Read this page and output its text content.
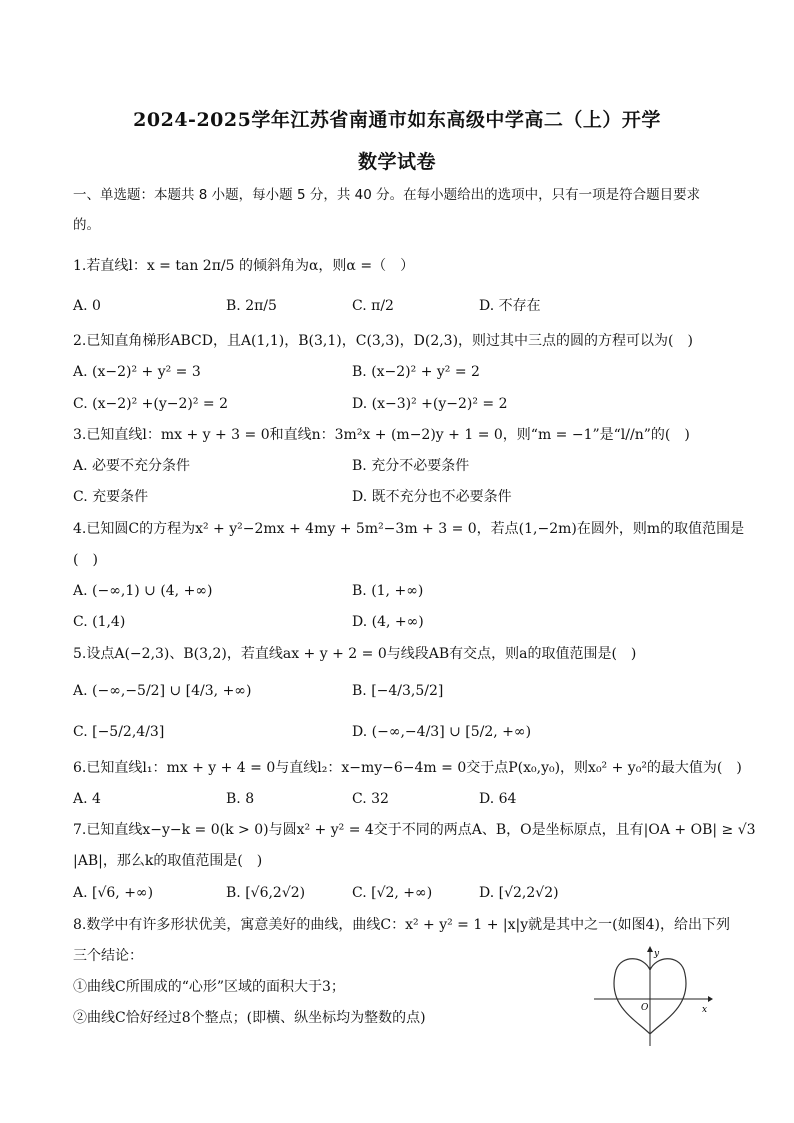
2024-2025学年江苏省南通市如东高级中学高二（上）开学
数学试卷
一、单选题：本题共 8 小题，每小题 5 分，共 40 分。在每小题给出的选项中，只有一项是符合题目要求
的。
1.若直线l：x = tan 2π/5 的倾斜角为α，则α =（　）
A. 0	B. 2π/5	C. π/2	D. 不存在
2.已知直角梯形ABCD，且A(1,1)，B(3,1)，C(3,3)，D(2,3)，则过其中三点的圆的方程可以为(　)
A. (x−2)² + y² = 3	B. (x−2)² + y² = 2
C. (x−2)² +(y−2)² = 2	D. (x−3)² +(y−2)² = 2
3.已知直线l：mx + y + 3 = 0和直线n：3m²x + (m−2)y + 1 = 0，则“m = −1”是“l//n”的(　)
A. 必要不充分条件	B. 充分不必要条件
C. 充要条件	D. 既不充分也不必要条件
4.已知圆C的方程为x² + y²−2mx + 4my + 5m²−3m + 3 = 0，若点(1,−2m)在圆外，则m的取值范围是
(　)
A. (−∞,1) ∪ (4, +∞)	B. (1, +∞)
C. (1,4)	D. (4, +∞)
5.设点A(−2,3)、B(3,2)，若直线ax + y + 2 = 0与线段AB有交点，则a的取值范围是(　)
A. (−∞,−5/2] ∪ [4/3, +∞)	B. [−4/3,5/2]
C. [−5/2,4/3]	D. (−∞,−4/3] ∪ [5/2, +∞)
6.已知直线l₁：mx + y + 4 = 0与直线l₂：x−my−6−4m = 0交于点P(x₀,y₀)，则x₀² + y₀²的最大值为(　)
A. 4	B. 8	C. 32	D. 64
7.已知直线x−y−k = 0(k > 0)与圆x² + y² = 4交于不同的两点A、B，O是坐标原点，且有|OA + OB| ≥ √3
|AB|，那么k的取值范围是(　)
A. [√6, +∞)	B. [√6,2√2)	C. [√2, +∞)	D. [√2,2√2)
8.数学中有许多形状优美，寓意美好的曲线，曲线C：x² + y² = 1 + |x|y就是其中之一(如图4)，给出下列
三个结论：
①曲线C所围成的“心形”区域的面积大于3；
②曲线C恰好经过8个整点；(即横、纵坐标均为整数的点)	x
y
O
